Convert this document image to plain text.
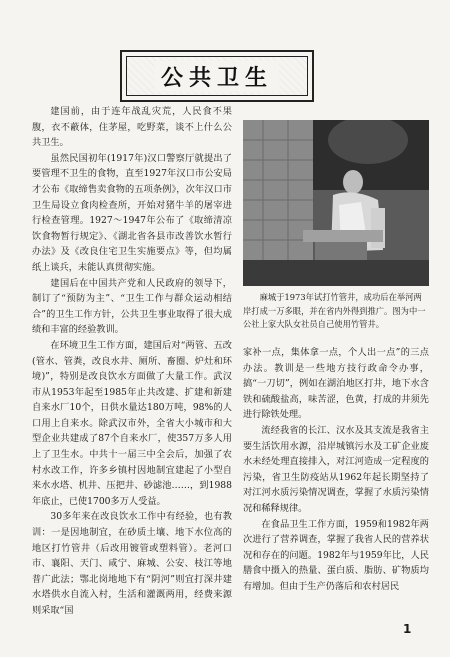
公共卫生

建国前，由于连年战乱灾荒，人民食不果腹，衣不蔽体，住茅屋，吃野菜，谈不上什么公共卫生。

虽然民国初年(1917年)汉口警察厅就提出了要管理不卫生的食物，直至1927年汉口市公安局才公布《取缔售卖食物的五项条例》，次年汉口市卫生局设立食肉检查所，开始对猪牛羊的屠宰进行检查管理。1927～1947年公布了《取缔清凉饮食物暂行规定》、《湖北省各县市改善饮水暂行办法》及《改良住宅卫生实施要点》等，但均属纸上谈兵，未能认真贯彻实施。

建国后在中国共产党和人民政府的领导下，制订了“预防为主”、“卫生工作与群众运动相结合”的卫生工作方针，公共卫生事业取得了很大成绩和丰富的经验教训。

在环境卫生工作方面，建国后对“两管、五改(管水、管粪，改良水井、厕所、畜圈、炉灶和环境)”，特别是改良饮水方面做了大量工作。武汉市从1953年起至1985年止共改建、扩建和新建自来水厂10个，日供水量达180万吨，98%的人口用上自来水。除武汉市外，全省大小城市和大型企业共建成了87个自来水厂，使357万多人用上了卫生水。中共十一届三中全会后，加强了农村水改工作，许多乡镇村因地制宜建起了小型自来水水塔、机井、压把井、砂滤池……，到1988年底止，已使1700多万人受益。

30多年来在改良饮水工作中有经验，也有教训：一是因地制宜，在砂质土壤、地下水位高的地区打竹管井（后改用镀管或塑料管）。老河口市、襄阳、天门、咸宁、麻城、公安、枝江等地普广此法；鄂北岗地地下有“阴河”则宜打深井建水塔供水自流入村，生活和灌溉两用，经费来源则采取“国

麻城于1973年试打竹管井，成功后在举河两岸打成一万多眼，并在省内外得到推广。图为中一公社上家大队女社员自己使用竹管井。

家补一点，集体拿一点，个人出一点”的三点办法。教训是一些地方技行政命令办事，搞“一刀切”，例如在湖泊地区打井，地下水含铁和硫酸盐高，味苦涩，色黄，打成的井须先进行除铁处理。

流经我省的长江、汉水及其支流是我省主要生活饮用水源，沿岸城镇污水及工矿企业废水未经处理直接排入，对江河造成一定程度的污染，省卫生防疫站从1962年起长期坚持了对江河水质污染情况调查，掌握了水质污染情况和稀释规律。

在食品卫生工作方面，1959和1982年两次进行了营养调查，掌握了我省人民的营养状况和存在的问题。1982年与1959年比，人民膳食中摄入的热量、蛋白质、脂肪、矿物质均有增加。但由于生产仍落后和农村居民

1
